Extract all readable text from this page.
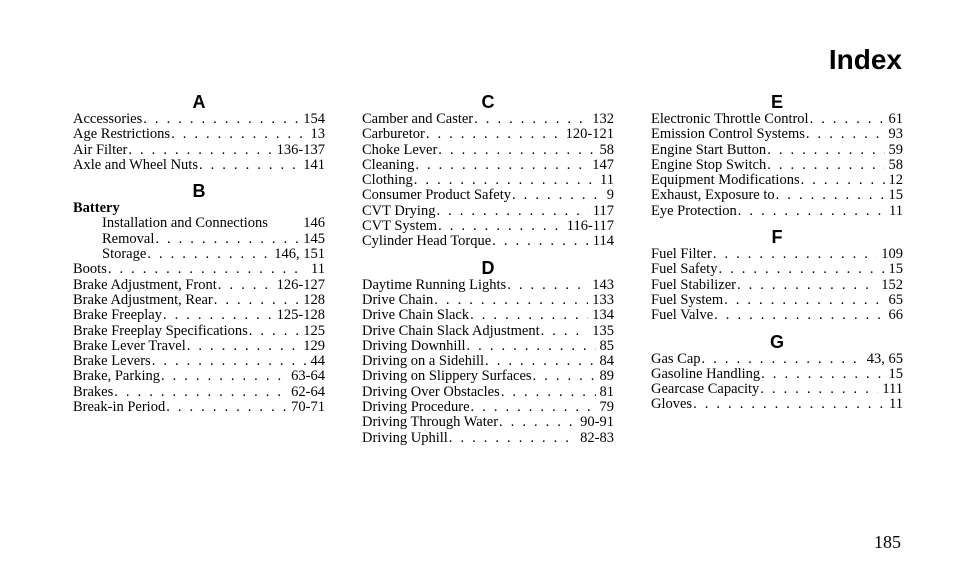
Index
A
Accessories . . .	154
Age Restrictions . . .	13
Air Filter . . .	136-137
Axle and Wheel Nuts . . .	141
B
Battery
Installation and Connections 146
Removal . . .	145
Storage . . .	146, 151
Boots . . .	11
Brake Adjustment, Front . . .	126-127
Brake Adjustment, Rear . . .	128
Brake Freeplay . . .	125-128
Brake Freeplay Specifications . . .	125
Brake Lever Travel . . .	129
Brake Levers . . .	44
Brake, Parking . . .	63-64
Brakes . . .	62-64
Break-in Period . . .	70-71
C
Camber and Caster . . .	132
Carburetor . . .	120-121
Choke Lever . . .	58
Cleaning . . .	147
Clothing . . .	11
Consumer Product Safety . . .	9
CVT Drying . . .	117
CVT System . . .	116-117
Cylinder Head Torque . . .	114
D
Daytime Running Lights . . .	143
Drive Chain . . .	133
Drive Chain Slack . . .	134
Drive Chain Slack Adjustment . . .	135
Driving Downhill . . .	85
Driving on a Sidehill . . .	84
Driving on Slippery Surfaces . . .	89
Driving Over Obstacles . . .	81
Driving Procedure . . .	79
Driving Through Water . . .	90-91
Driving Uphill . . .	82-83
E
Electronic Throttle Control . . .	61
Emission Control Systems . . .	93
Engine Start Button . . .	59
Engine Stop Switch . . .	58
Equipment Modifications . . .	12
Exhaust, Exposure to . . .	15
Eye Protection . . .	11
F
Fuel Filter . . .	109
Fuel Safety . . .	15
Fuel Stabilizer . . .	152
Fuel System . . .	65
Fuel Valve . . .	66
G
Gas Cap . . .	43, 65
Gasoline Handling . . .	15
Gearcase Capacity . . .	111
Gloves . . .	11
185
